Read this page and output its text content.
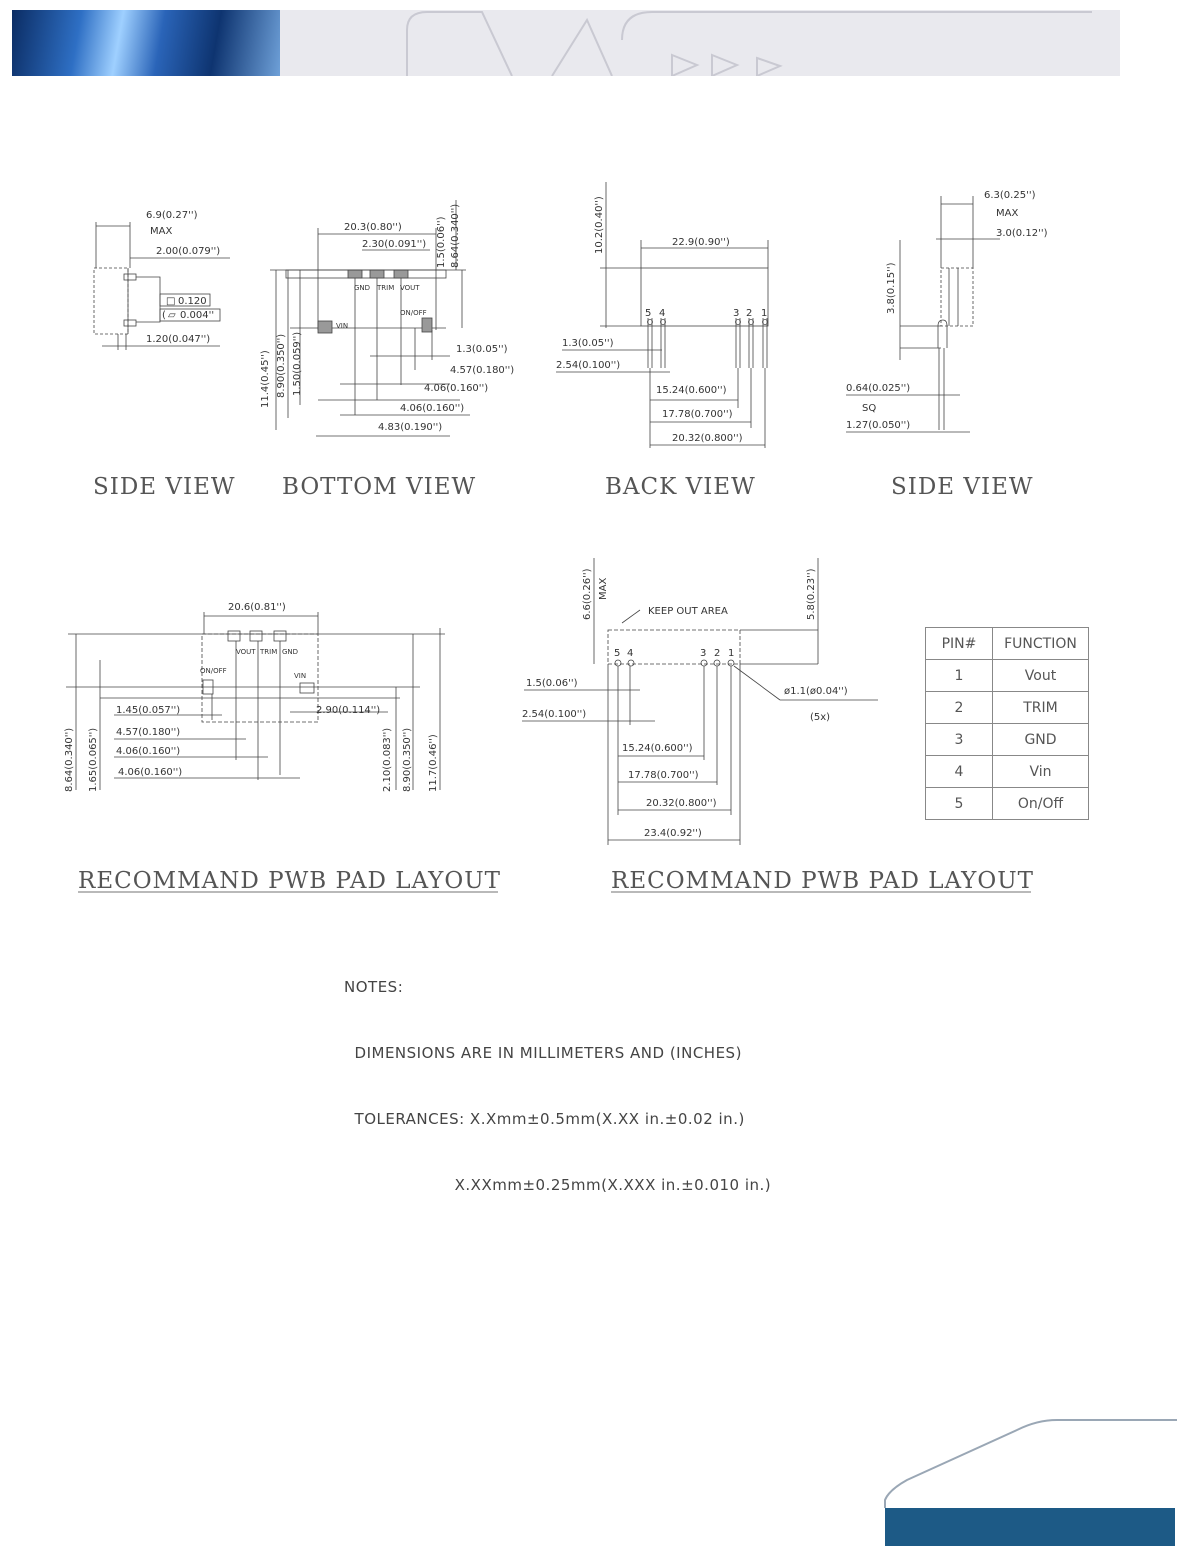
6.9(0.27'')
MAX
2.00(0.079'')
□ 0.120
( ▱ 0.004''
1.20(0.047'')
SIDE VIEW
20.3(0.80'')
2.30(0.091'') 1.5(0.06'') 8.64(0.340'')
GND TRIM VOUT
ON/OFF
VIN
1.3(0.05'')
4.57(0.180'')
4.06(0.160'')
4.06(0.160'')
4.83(0.190'')
11.4(0.45'') 8.90(0.350'') 1.50(0.059'')
BOTTOM VIEW
10.2(0.40'')	22.9(0.90'')
5 4	3 2 1
1.3(0.05'')
2.54(0.100'')
15.24(0.600'')
17.78(0.700'')
20.32(0.800'')
BACK VIEW
6.3(0.25'')
MAX
3.0(0.12'')
3.8(0.15'')
0.64(0.025'')
SQ
1.27(0.050'')
SIDE VIEW
20.6(0.81'')
VOUT TRIM GND
ON/OFF
VIN
1.45(0.057'')
4.57(0.180'')
4.06(0.160'')
4.06(0.160'')
2.90(0.114'')
8.64(0.340'') 1.65(0.065'')	2.10(0.083'') 8.90(0.350'') 11.7(0.46'')
RECOMMAND PWB PAD LAYOUT
6.6(0.26'') MAX
KEEP OUT AREA	5.8(0.23'')
5 4	3 2 1
1.5(0.06'')
2.54(0.100'')
ø1.1(ø0.04'')
(5x)
15.24(0.600'')
17.78(0.700'')
20.32(0.800'')
23.4(0.92'')
RECOMMAND PWB PAD LAYOUT
PIN#	FUNCTION
1	Vout
2	TRIM
3	GND
4	Vin
5	On/Off

NOTES:

DIMENSIONS ARE IN MILLIMETERS AND (INCHES)

TOLERANCES: X.Xmm±0.5mm(X.XX in.±0.02 in.)

X.XXmm±0.25mm(X.XXX in.±0.010 in.)
